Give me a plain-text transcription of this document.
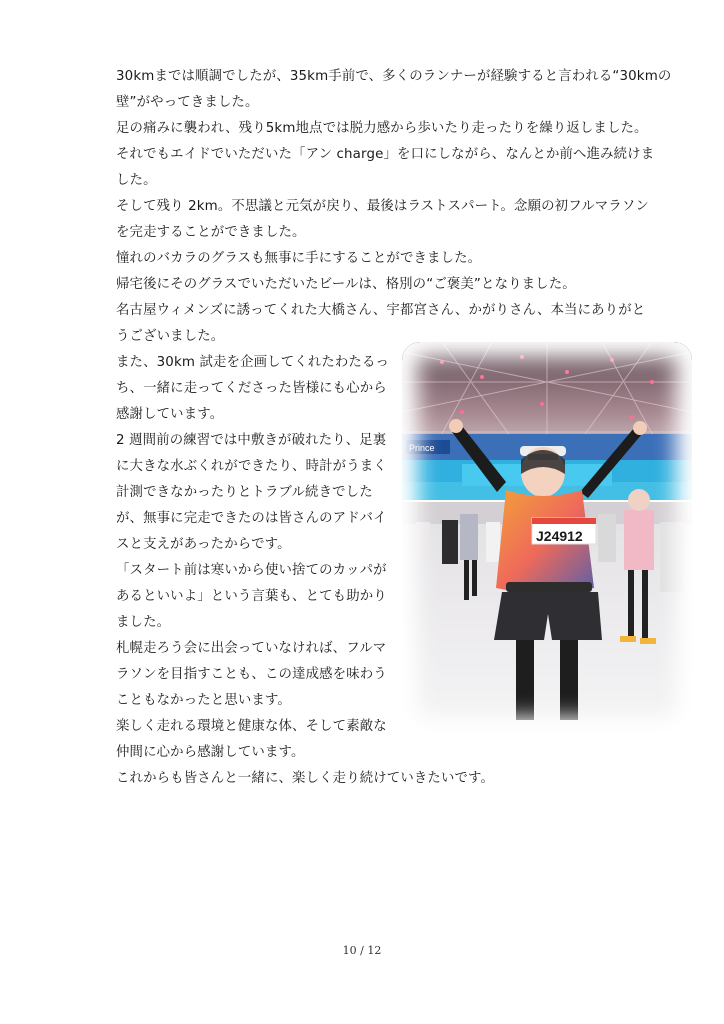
30kmまでは順調でしたが、35km手前で、多くのランナーが経験すると言われる“30kmの
壁”がやってきました。
足の痛みに襲われ、残り5km地点では脱力感から歩いたり走ったりを繰り返しました。
それでもエイドでいただいた「アン charge」を口にしながら、なんとか前へ進み続けま
した。
そして残り 2km。不思議と元気が戻り、最後はラストスパート。念願の初フルマラソン
を完走することができました。
憧れのバカラのグラスも無事に手にすることができました。
帰宅後にそのグラスでいただいたビールは、格別の“ご褒美”となりました。
名古屋ウィメンズに誘ってくれた大橋さん、宇都宮さん、かがりさん、本当にありがと
うございました。
また、30km 試走を企画してくれたわたるっ
ち、一緒に走ってくださった皆様にも心から
感謝しています。
2 週間前の練習では中敷きが破れたり、足裏
に大きな水ぶくれができたり、時計がうまく
計測できなかったりとトラブル続きでした
が、無事に完走できたのは皆さんのアドバイ
スと支えがあったからです。
「スタート前は寒いから使い捨てのカッパが
あるといいよ」という言葉も、とても助かり
ました。
札幌走ろう会に出会っていなければ、フルマ
ラソンを目指すことも、この達成感を味わう
こともなかったと思います。
楽しく走れる環境と健康な体、そして素敵な
仲間に心から感謝しています。
これからも皆さんと一緒に、楽しく走り続けていきたいです。
Prince
J24912
10 / 12
